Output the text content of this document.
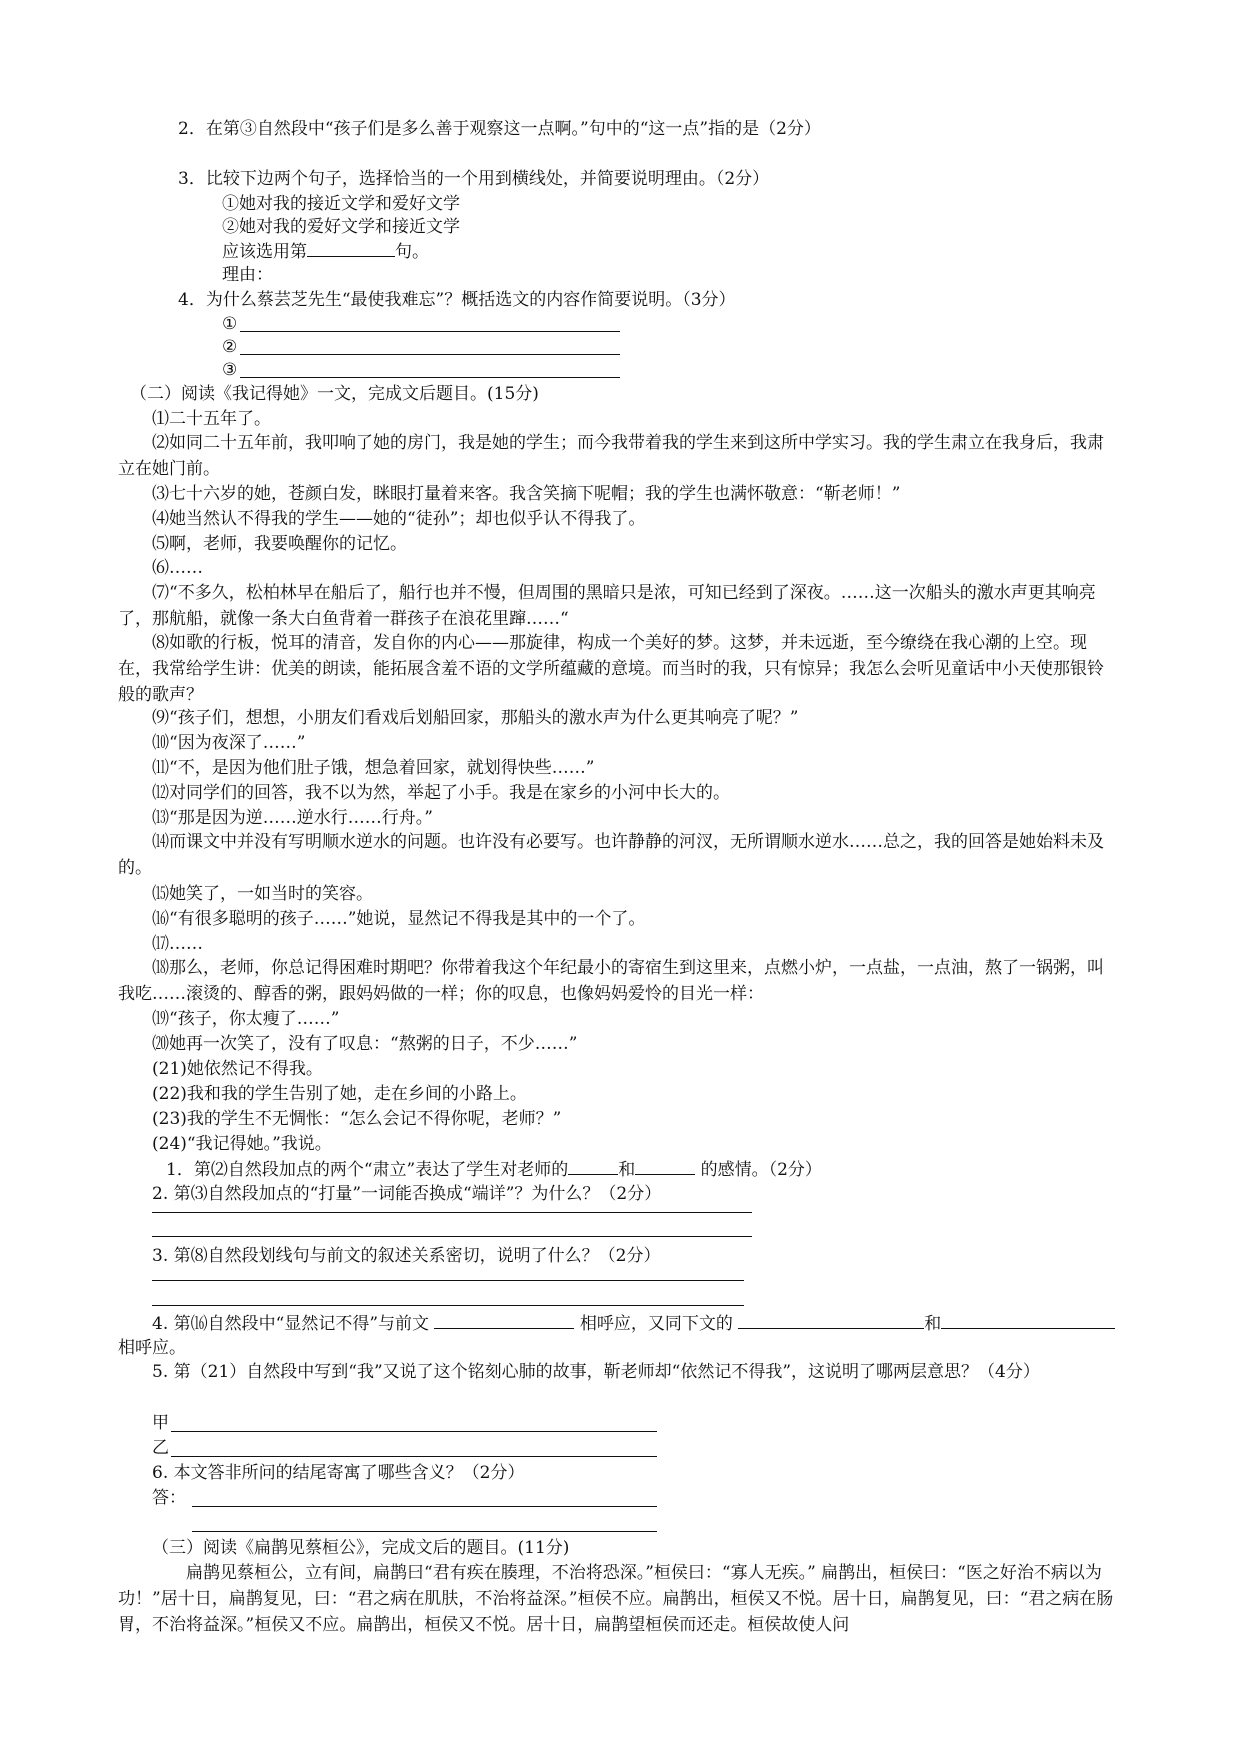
2．在第③自然段中“孩子们是多么善于观察这一点啊。”句中的“这一点”指的是（2分）
3．比较下边两个句子，选择恰当的一个用到横线处，并简要说明理由。（2分）
①她对我的接近文学和爱好文学
②她对我的爱好文学和接近文学
应该选用第	句。
理由：
4．为什么蔡芸芝先生“最使我难忘”？概括选文的内容作简要说明。（3分）
①
②
③
（二）阅读《我记得她》一文，完成文后题目。(15分)
⑴二十五年了。
⑵如同二十五年前，我叩响了她的房门，我是她的学生；而今我带着我的学生来到这所中学实习。我的学生肃立在我身后，我肃立在她门前。
⑶七十六岁的她，苍颜白发，眯眼打量着来客。我含笑摘下呢帽；我的学生也满怀敬意：“靳老师！”
⑷她当然认不得我的学生——她的“徒孙”；却也似乎认不得我了。
⑸啊，老师，我要唤醒你的记忆。
⑹……
⑺“不多久，松柏林早在船后了，船行也并不慢，但周围的黑暗只是浓，可知已经到了深夜。……这一次船头的激水声更其响亮了，那航船，就像一条大白鱼背着一群孩子在浪花里蹿……“
⑻如歌的行板，悦耳的清音，发自你的内心——那旋律，构成一个美好的梦。这梦，并未远逝，至今缭绕在我心潮的上空。现在，我常给学生讲：优美的朗读，能拓展含羞不语的文学所蕴藏的意境。而当时的我，只有惊异；我怎么会听见童话中小天使那银铃般的歌声？
⑼“孩子们，想想，小朋友们看戏后划船回家，那船头的激水声为什么更其响亮了呢？”
⑽“因为夜深了……”
⑾“不，是因为他们肚子饿，想急着回家，就划得快些……”
⑿对同学们的回答，我不以为然，举起了小手。我是在家乡的小河中长大的。
⒀“那是因为逆……逆水行……行舟。”
⒁而课文中并没有写明顺水逆水的问题。也许没有必要写。也许静静的河汊，无所谓顺水逆水……总之，我的回答是她始料未及的。
⒂她笑了，一如当时的笑容。
⒃“有很多聪明的孩子……”她说，显然记不得我是其中的一个了。
⒄……
⒅那么，老师，你总记得困难时期吧？你带着我这个年纪最小的寄宿生到这里来，点燃小炉，一点盐，一点油，熬了一锅粥，叫我吃……滚烫的、醇香的粥，跟妈妈做的一样；你的叹息，也像妈妈爱怜的目光一样：
⒆“孩子，你太瘦了……”
⒇她再一次笑了，没有了叹息：“熬粥的日子，不少……”
(21)她依然记不得我。
(22)我和我的学生告别了她，走在乡间的小路上。
(23)我的学生不无惆怅：“怎么会记不得你呢，老师？”
(24)“我记得她。”我说。
1．第⑵自然段加点的两个“肃立”表达了学生对老师的	和	的感情。（2分）
2. 第⑶自然段加点的“打量”一词能否换成“端详”？为什么？（2分）
3. 第⑻自然段划线句与前文的叙述关系密切，说明了什么？（2分）
4. 第⒃自然段中“显然记不得”与前文	相呼应，又同下文的	和
相呼应。
5. 第（21）自然段中写到“我”又说了这个铭刻心肺的故事，靳老师却“依然记不得我”，这说明了哪两层意思？（4分）
甲
乙
6. 本文答非所问的结尾寄寓了哪些含义？（2分）
答：
（三）阅读《扁鹊见蔡桓公》，完成文后的题目。(11分)
扁鹊见蔡桓公，立有间，扁鹊曰“君有疾在腠理，不治将恐深。”桓侯曰：“寡人无疾。” 扁鹊出，桓侯曰：“医之好治不病以为功！”居十日，扁鹊复见，曰：“君之病在肌肤，不治将益深。”桓侯不应。扁鹊出，桓侯又不悦。居十日，扁鹊复见，曰：“君之病在肠胃，不治将益深。”桓侯又不应。扁鹊出，桓侯又不悦。居十日，扁鹊望桓侯而还走。桓侯故使人问
